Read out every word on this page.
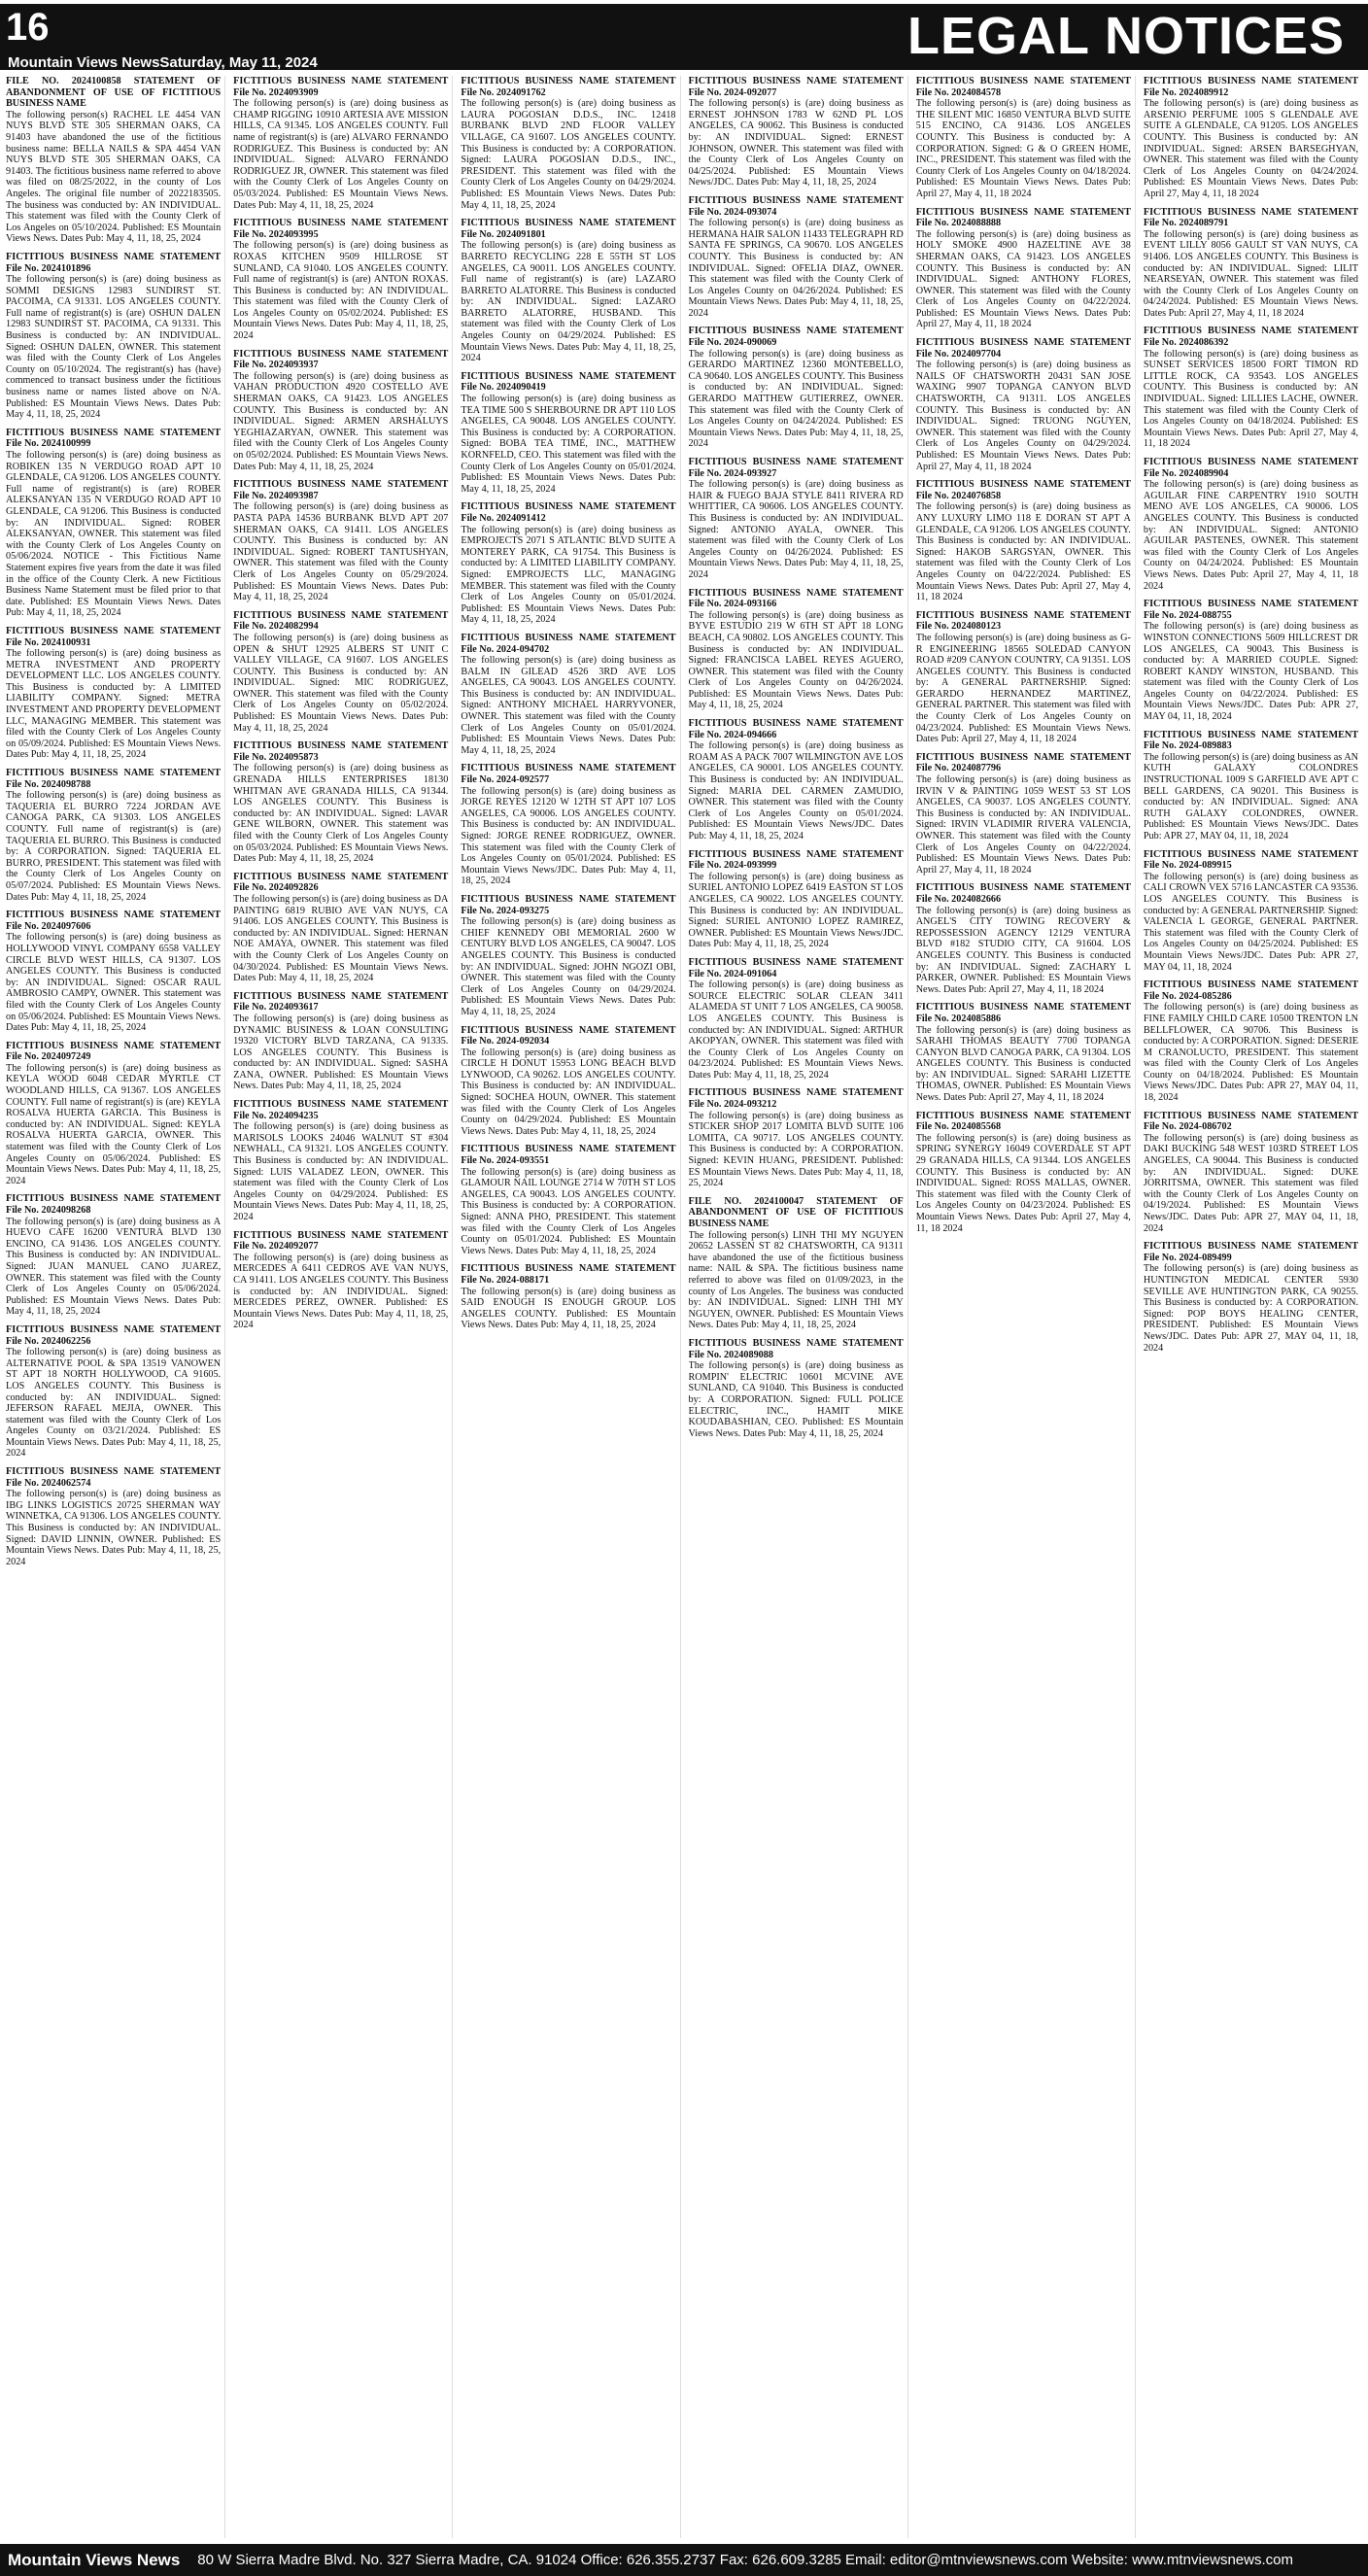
16	LEGAL NOTICES
Mountain Views NewsSaturday, May 11, 2024
FILE NO. 2024100858 STATEMENT OF ABANDONMENT OF USE OF FICTITIOUS BUSINESS NAME
The following person(s) RACHEL LE 4454 VAN NUYS BLVD STE 305 SHERMAN OAKS, CA 91403 have abandoned the use of the fictitious business name: BELLA NAILS & SPA 4454 VAN NUYS BLVD STE 305 SHERMAN OAKS, CA 91403. The fictitious business name referred to above was filed on 08/25/2022, in the county of Los Angeles. The original file number of 2022183505. The business was conducted by: AN INDIVIDUAL. This statement was filed with the County Clerk of Los Angeles on 05/10/2024. Published: ES Mountain Views News. Dates Pub: May 4, 11, 18, 25, 2024
FICTITIOUS BUSINESS NAME STATEMENT File No. 2024101896
The following person(s) is (are) doing business as SOMMI DESIGNS 12983 SUNDIRST ST. PACOIMA, CA 91331. LOS ANGELES COUNTY. Full name of registrant(s) is (are) OSHUN DALEN 12983 SUNDIRST ST. PACOIMA, CA 91331. This Business is conducted by: AN INDIVIDUAL. Signed: OSHUN DALEN, OWNER. This statement was filed with the County Clerk of Los Angeles County on 05/10/2024. The registrant(s) has (have) commenced to transact business under the fictitious business name or names listed above on N/A. Published: ES Mountain Views News. Dates Pub: May 4, 11, 18, 25, 2024
FICTITIOUS BUSINESS NAME STATEMENT File No. 2024100999
The following person(s) is (are) doing business as ROBIKEN 135 N VERDUGO ROAD APT 10 GLENDALE, CA 91206. LOS ANGELES COUNTY. Full name of registrant(s) is (are) ROBER ALEKSANYAN 135 N VERDUGO ROAD APT 10 GLENDALE, CA 91206. This Business is conducted by: AN INDIVIDUAL. Signed: ROBER ALEKSANYAN, OWNER. This statement was filed with the County Clerk of Los Angeles County on 05/06/2024. NOTICE - This Fictitious Name Statement expires five years from the date it was filed in the office of the County Clerk. A new Fictitious Business Name Statement must be filed prior to that date. Published: ES Mountain Views News. Dates Pub: May 4, 11, 18, 25, 2024
FICTITIOUS BUSINESS NAME STATEMENT File No. 2024100931
The following person(s) is (are) doing business as METRA INVESTMENT AND PROPERTY DEVELOPMENT LLC. LOS ANGELES COUNTY. This Business is conducted by: A LIMITED LIABILITY COMPANY. Signed: METRA INVESTMENT AND PROPERTY DEVELOPMENT LLC, MANAGING MEMBER. This statement was filed with the County Clerk of Los Angeles County on 05/09/2024. Published: ES Mountain Views News. Dates Pub: May 4, 11, 18, 25, 2024
FICTITIOUS BUSINESS NAME STATEMENT File No. 2024098788
The following person(s) is (are) doing business as TAQUERIA EL BURRO 7224 JORDAN AVE CANOGA PARK, CA 91303. LOS ANGELES COUNTY. Full name of registrant(s) is (are) TAQUERIA EL BURRO. This Business is conducted by: A CORPORATION. Signed: TAQUERIA EL BURRO, PRESIDENT. This statement was filed with the County Clerk of Los Angeles County on 05/07/2024. Published: ES Mountain Views News. Dates Pub: May 4, 11, 18, 25, 2024
FICTITIOUS BUSINESS NAME STATEMENT File No. 2024097606
The following person(s) is (are) doing business as HOLLYWOOD VINYL COMPANY 6558 VALLEY CIRCLE BLVD WEST HILLS, CA 91307. LOS ANGELES COUNTY. This Business is conducted by: AN INDIVIDUAL. Signed: OSCAR RAUL AMBROSIO CAMPY, OWNER. This statement was filed with the County Clerk of Los Angeles County on 05/06/2024. Published: ES Mountain Views News. Dates Pub: May 4, 11, 18, 25, 2024
FICTITIOUS BUSINESS NAME STATEMENT File No. 2024097249
The following person(s) is (are) doing business as KEYLA WOOD 6048 CEDAR MYRTLE CT WOODLAND HILLS, CA 91367. LOS ANGELES COUNTY. Full name of registrant(s) is (are) KEYLA ROSALVA HUERTA GARCIA. This Business is conducted by: AN INDIVIDUAL. Signed: KEYLA ROSALVA HUERTA GARCIA, OWNER. This statement was filed with the County Clerk of Los Angeles County on 05/06/2024. Published: ES Mountain Views News. Dates Pub: May 4, 11, 18, 25, 2024
FICTITIOUS BUSINESS NAME STATEMENT File No. 2024098268
The following person(s) is (are) doing business as A HUEVO CAFE 16200 VENTURA BLVD 130 ENCINO, CA 91436. LOS ANGELES COUNTY. This Business is conducted by: AN INDIVIDUAL. Signed: JUAN MANUEL CANO JUAREZ, OWNER. This statement was filed with the County Clerk of Los Angeles County on 05/06/2024. Published: ES Mountain Views News. Dates Pub: May 4, 11, 18, 25, 2024
FICTITIOUS BUSINESS NAME STATEMENT File No. 2024062256
The following person(s) is (are) doing business as ALTERNATIVE POOL & SPA 13519 VANOWEN ST APT 18 NORTH HOLLYWOOD, CA 91605. LOS ANGELES COUNTY. This Business is conducted by: AN INDIVIDUAL. Signed: JEFERSON RAFAEL MEJIA, OWNER. This statement was filed with the County Clerk of Los Angeles County on 03/21/2024. Published: ES Mountain Views News. Dates Pub: May 4, 11, 18, 25, 2024
FICTITIOUS BUSINESS NAME STATEMENT File No. 2024062574
The following person(s) is (are) doing business as IBG LINKS LOGISTICS 20725 SHERMAN WAY WINNETKA, CA 91306. LOS ANGELES COUNTY. This Business is conducted by: AN INDIVIDUAL. Signed: DAVID LINNIN, OWNER. Published: ES Mountain Views News. Dates Pub: May 4, 11, 18, 25, 2024
FICTITIOUS BUSINESS NAME STATEMENT File No. 2024093909
The following person(s) is (are) doing business as CHAMP RIGGING 10910 ARTESIA AVE MISSION HILLS, CA 91345. LOS ANGELES COUNTY. Full name of registrant(s) is (are) ALVARO FERNANDO RODRIGUEZ. This Business is conducted by: AN INDIVIDUAL. Signed: ALVARO FERNANDO RODRIGUEZ JR, OWNER. This statement was filed with the County Clerk of Los Angeles County on 05/03/2024. Published: ES Mountain Views News. Dates Pub: May 4, 11, 18, 25, 2024
FICTITIOUS BUSINESS NAME STATEMENT File No. 2024093995
The following person(s) is (are) doing business as ROXAS KITCHEN 9509 HILLROSE ST SUNLAND, CA 91040. LOS ANGELES COUNTY. Full name of registrant(s) is (are) ANTON ROXAS. This Business is conducted by: AN INDIVIDUAL. This statement was filed with the County Clerk of Los Angeles County on 05/02/2024. Published: ES Mountain Views News. Dates Pub: May 4, 11, 18, 25, 2024
FICTITIOUS BUSINESS NAME STATEMENT File No. 2024093937
The following person(s) is (are) doing business as VAHAN PRODUCTION 4920 COSTELLO AVE SHERMAN OAKS, CA 91423. LOS ANGELES COUNTY. This Business is conducted by: AN INDIVIDUAL. Signed: ARMEN ARSHALUYS YEGHIAZARYAN, OWNER. This statement was filed with the County Clerk of Los Angeles County on 05/02/2024. Published: ES Mountain Views News. Dates Pub: May 4, 11, 18, 25, 2024
FICTITIOUS BUSINESS NAME STATEMENT File No. 2024093987
The following person(s) is (are) doing business as PASTA PAPA 14536 BURBANK BLVD APT 207 SHERMAN OAKS, CA 91411. LOS ANGELES COUNTY. This Business is conducted by: AN INDIVIDUAL. Signed: ROBERT TANTUSHYAN, OWNER. This statement was filed with the County Clerk of Los Angeles County on 05/29/2024. Published: ES Mountain Views News. Dates Pub: May 4, 11, 18, 25, 2024
FICTITIOUS BUSINESS NAME STATEMENT File No. 2024082994
The following person(s) is (are) doing business as OPEN & SHUT 12925 ALBERS ST UNIT C VALLEY VILLAGE, CA 91607. LOS ANGELES COUNTY. This Business is conducted by: AN INDIVIDUAL. Signed: MIC RODRIGUEZ, OWNER. This statement was filed with the County Clerk of Los Angeles County on 05/02/2024. Published: ES Mountain Views News. Dates Pub: May 4, 11, 18, 25, 2024
FICTITIOUS BUSINESS NAME STATEMENT File No. 2024095873
The following person(s) is (are) doing business as GRENADA HILLS ENTERPRISES 18130 WHITMAN AVE GRANADA HILLS, CA 91344. LOS ANGELES COUNTY. This Business is conducted by: AN INDIVIDUAL. Signed: LAVAR GENE WILBORN, OWNER. This statement was filed with the County Clerk of Los Angeles County on 05/03/2024. Published: ES Mountain Views News. Dates Pub: May 4, 11, 18, 25, 2024
FICTITIOUS BUSINESS NAME STATEMENT File No. 2024092826
The following person(s) is (are) doing business as DA PAINTING 6819 RUBIO AVE VAN NUYS, CA 91406. LOS ANGELES COUNTY. This Business is conducted by: AN INDIVIDUAL. Signed: HERNAN NOE AMAYA, OWNER. This statement was filed with the County Clerk of Los Angeles County on 04/30/2024. Published: ES Mountain Views News. Dates Pub: May 4, 11, 18, 25, 2024
FICTITIOUS BUSINESS NAME STATEMENT File No. 2024093617
The following person(s) is (are) doing business as DYNAMIC BUSINESS & LOAN CONSULTING 19320 VICTORY BLVD TARZANA, CA 91335. LOS ANGELES COUNTY. This Business is conducted by: AN INDIVIDUAL. Signed: SASHA ZANA, OWNER. Published: ES Mountain Views News. Dates Pub: May 4, 11, 18, 25, 2024
FICTITIOUS BUSINESS NAME STATEMENT File No. 2024094235
The following person(s) is (are) doing business as MARISOLS LOOKS 24046 WALNUT ST #304 NEWHALL, CA 91321. LOS ANGELES COUNTY. This Business is conducted by: AN INDIVIDUAL. Signed: LUIS VALADEZ LEON, OWNER. This statement was filed with the County Clerk of Los Angeles County on 04/29/2024. Published: ES Mountain Views News. Dates Pub: May 4, 11, 18, 25, 2024
FICTITIOUS BUSINESS NAME STATEMENT File No. 2024092077
The following person(s) is (are) doing business as MERCEDES A 6411 CEDROS AVE VAN NUYS, CA 91411. LOS ANGELES COUNTY. This Business is conducted by: AN INDIVIDUAL. Signed: MERCEDES PEREZ, OWNER. Published: ES Mountain Views News. Dates Pub: May 4, 11, 18, 25, 2024
FICTITIOUS BUSINESS NAME STATEMENT File No. 2024091762
The following person(s) is (are) doing business as LAURA POGOSIAN D.D.S., INC. 12418 BURBANK BLVD 2ND FLOOR VALLEY VILLAGE, CA 91607. LOS ANGELES COUNTY. This Business is conducted by: A CORPORATION. Signed: LAURA POGOSIAN D.D.S., INC., PRESIDENT. This statement was filed with the County Clerk of Los Angeles County on 04/29/2024. Published: ES Mountain Views News. Dates Pub: May 4, 11, 18, 25, 2024
FICTITIOUS BUSINESS NAME STATEMENT File No. 2024091801
The following person(s) is (are) doing business as BARRETO RECYCLING 228 E 55TH ST LOS ANGELES, CA 90011. LOS ANGELES COUNTY. Full name of registrant(s) is (are) LAZARO BARRETO ALATORRE. This Business is conducted by: AN INDIVIDUAL. Signed: LAZARO BARRETO ALATORRE, HUSBAND. This statement was filed with the County Clerk of Los Angeles County on 04/29/2024. Published: ES Mountain Views News. Dates Pub: May 4, 11, 18, 25, 2024
FICTITIOUS BUSINESS NAME STATEMENT File No. 2024090419
The following person(s) is (are) doing business as TEA TIME 500 S SHERBOURNE DR APT 110 LOS ANGELES, CA 90048. LOS ANGELES COUNTY. This Business is conducted by: A CORPORATION. Signed: BOBA TEA TIME, INC., MATTHEW KORNFELD, CEO. This statement was filed with the County Clerk of Los Angeles County on 05/01/2024. Published: ES Mountain Views News. Dates Pub: May 4, 11, 18, 25, 2024
FICTITIOUS BUSINESS NAME STATEMENT File No. 2024091412
The following person(s) is (are) doing business as EMPROJECTS 2071 S ATLANTIC BLVD SUITE A MONTEREY PARK, CA 91754. This Business is conducted by: A LIMITED LIABILITY COMPANY. Signed: EMPROJECTS LLC, MANAGING MEMBER. This statement was filed with the County Clerk of Los Angeles County on 05/01/2024. Published: ES Mountain Views News. Dates Pub: May 4, 11, 18, 25, 2024
FICTITIOUS BUSINESS NAME STATEMENT File No. 2024-094702
The following person(s) is (are) doing business as BALM IN GILEAD 4526 3RD AVE LOS ANGELES, CA 90043. LOS ANGELES COUNTY. This Business is conducted by: AN INDIVIDUAL. Signed: ANTHONY MICHAEL HARRYVONER, OWNER. This statement was filed with the County Clerk of Los Angeles County on 05/01/2024. Published: ES Mountain Views News. Dates Pub: May 4, 11, 18, 25, 2024
FICTITIOUS BUSINESS NAME STATEMENT File No. 2024-092577
The following person(s) is (are) doing business as JORGE REYES 12120 W 12TH ST APT 107 LOS ANGELES, CA 90006. LOS ANGELES COUNTY. This Business is conducted by: AN INDIVIDUAL. Signed: JORGE RENEE RODRIGUEZ, OWNER. This statement was filed with the County Clerk of Los Angeles County on 05/01/2024. Published: ES Mountain Views News/JDC. Dates Pub: May 4, 11, 18, 25, 2024
FICTITIOUS BUSINESS NAME STATEMENT File No. 2024-093275
The following person(s) is (are) doing business as CHIEF KENNEDY OBI MEMORIAL 2600 W CENTURY BLVD LOS ANGELES, CA 90047. LOS ANGELES COUNTY. This Business is conducted by: AN INDIVIDUAL. Signed: JOHN NGOZI OBI, OWNER. This statement was filed with the County Clerk of Los Angeles County on 04/29/2024. Published: ES Mountain Views News. Dates Pub: May 4, 11, 18, 25, 2024
FICTITIOUS BUSINESS NAME STATEMENT File No. 2024-092034
The following person(s) is (are) doing business as CIRCLE H DONUT 15953 LONG BEACH BLVD LYNWOOD, CA 90262. LOS ANGELES COUNTY. This Business is conducted by: AN INDIVIDUAL. Signed: SOCHEA HOUN, OWNER. This statement was filed with the County Clerk of Los Angeles County on 04/29/2024. Published: ES Mountain Views News. Dates Pub: May 4, 11, 18, 25, 2024
FICTITIOUS BUSINESS NAME STATEMENT File No. 2024-093551
The following person(s) is (are) doing business as GLAMOUR NAIL LOUNGE 2714 W 70TH ST LOS ANGELES, CA 90043. LOS ANGELES COUNTY. This Business is conducted by: A CORPORATION. Signed: ANNA PHO, PRESIDENT. This statement was filed with the County Clerk of Los Angeles County on 05/01/2024. Published: ES Mountain Views News. Dates Pub: May 4, 11, 18, 25, 2024
FICTITIOUS BUSINESS NAME STATEMENT File No. 2024-088171
The following person(s) is (are) doing business as SAID ENOUGH IS ENOUGH GROUP. LOS ANGELES COUNTY. Published: ES Mountain Views News. Dates Pub: May 4, 11, 18, 25, 2024
FICTITIOUS BUSINESS NAME STATEMENT File No. 2024-092077
The following person(s) is (are) doing business as ERNEST JOHNSON 1783 W 62ND PL LOS ANGELES, CA 90062. This Business is conducted by: AN INDIVIDUAL. Signed: ERNEST JOHNSON, OWNER. This statement was filed with the County Clerk of Los Angeles County on 04/25/2024. Published: ES Mountain Views News/JDC. Dates Pub: May 4, 11, 18, 25, 2024
FICTITIOUS BUSINESS NAME STATEMENT File No. 2024-093074
The following person(s) is (are) doing business as HERMANA HAIR SALON 11433 TELEGRAPH RD SANTA FE SPRINGS, CA 90670. LOS ANGELES COUNTY. This Business is conducted by: AN INDIVIDUAL. Signed: OFELIA DIAZ, OWNER. This statement was filed with the County Clerk of Los Angeles County on 04/26/2024. Published: ES Mountain Views News. Dates Pub: May 4, 11, 18, 25, 2024
FICTITIOUS BUSINESS NAME STATEMENT File No. 2024-090069
The following person(s) is (are) doing business as GERARDO MARTINEZ 12360 MONTEBELLO, CA 90640. LOS ANGELES COUNTY. This Business is conducted by: AN INDIVIDUAL. Signed: GERARDO MATTHEW GUTIERREZ, OWNER. This statement was filed with the County Clerk of Los Angeles County on 04/24/2024. Published: ES Mountain Views News. Dates Pub: May 4, 11, 18, 25, 2024
FICTITIOUS BUSINESS NAME STATEMENT File No. 2024-093927
The following person(s) is (are) doing business as HAIR & FUEGO BAJA STYLE 8411 RIVERA RD WHITTIER, CA 90606. LOS ANGELES COUNTY. This Business is conducted by: AN INDIVIDUAL. Signed: ANTONIO AYALA, OWNER. This statement was filed with the County Clerk of Los Angeles County on 04/26/2024. Published: ES Mountain Views News. Dates Pub: May 4, 11, 18, 25, 2024
FICTITIOUS BUSINESS NAME STATEMENT File No. 2024-093166
The following person(s) is (are) doing business as BYVE ESTUDIO 219 W 6TH ST APT 18 LONG BEACH, CA 90802. LOS ANGELES COUNTY. This Business is conducted by: AN INDIVIDUAL. Signed: FRANCISCA LABEL REYES AGUERO, OWNER. This statement was filed with the County Clerk of Los Angeles County on 04/26/2024. Published: ES Mountain Views News. Dates Pub: May 4, 11, 18, 25, 2024
FICTITIOUS BUSINESS NAME STATEMENT File No. 2024-094666
The following person(s) is (are) doing business as ROAM AS A PACK 7007 WILMINGTON AVE LOS ANGELES, CA 90001. LOS ANGELES COUNTY. This Business is conducted by: AN INDIVIDUAL. Signed: MARIA DEL CARMEN ZAMUDIO, OWNER. This statement was filed with the County Clerk of Los Angeles County on 05/01/2024. Published: ES Mountain Views News/JDC. Dates Pub: May 4, 11, 18, 25, 2024
FICTITIOUS BUSINESS NAME STATEMENT File No. 2024-093999
The following person(s) is (are) doing business as SURIEL ANTONIO LOPEZ 6419 EASTON ST LOS ANGELES, CA 90022. LOS ANGELES COUNTY. This Business is conducted by: AN INDIVIDUAL. Signed: SURIEL ANTONIO LOPEZ RAMIREZ, OWNER. Published: ES Mountain Views News/JDC. Dates Pub: May 4, 11, 18, 25, 2024
FICTITIOUS BUSINESS NAME STATEMENT File No. 2024-091064
The following person(s) is (are) doing business as SOURCE ELECTRIC SOLAR CLEAN 3411 ALAMEDA ST UNIT 7 LOS ANGELES, CA 90058. LOS ANGELES COUNTY. This Business is conducted by: AN INDIVIDUAL. Signed: ARTHUR AKOPYAN, OWNER. This statement was filed with the County Clerk of Los Angeles County on 04/23/2024. Published: ES Mountain Views News. Dates Pub: May 4, 11, 18, 25, 2024
FICTITIOUS BUSINESS NAME STATEMENT File No. 2024-093212
The following person(s) is (are) doing business as STICKER SHOP 2017 LOMITA BLVD SUITE 106 LOMITA, CA 90717. LOS ANGELES COUNTY. This Business is conducted by: A CORPORATION. Signed: KEVIN HUANG, PRESIDENT. Published: ES Mountain Views News. Dates Pub: May 4, 11, 18, 25, 2024
FILE NO. 2024100047 STATEMENT OF ABANDONMENT OF USE OF FICTITIOUS BUSINESS NAME
The following person(s) LINH THI MY NGUYEN 20652 LASSEN ST 82 CHATSWORTH, CA 91311 have abandoned the use of the fictitious business name: NAIL & SPA. The fictitious business name referred to above was filed on 01/09/2023, in the county of Los Angeles. The business was conducted by: AN INDIVIDUAL. Signed: LINH THI MY NGUYEN, OWNER. Published: ES Mountain Views News. Dates Pub: May 4, 11, 18, 25, 2024
FICTITIOUS BUSINESS NAME STATEMENT File No. 2024089088
The following person(s) is (are) doing business as ROMPIN' ELECTRIC 10601 MCVINE AVE SUNLAND, CA 91040. This Business is conducted by: A CORPORATION. Signed: FULL POLICE ELECTRIC, INC., HAMIT MIKE KOUDABASHIAN, CEO. Published: ES Mountain Views News. Dates Pub: May 4, 11, 18, 25, 2024
FICTITIOUS BUSINESS NAME STATEMENT File No. 2024084578
The following person(s) is (are) doing business as THE SILENT MIC 16850 VENTURA BLVD SUITE 515 ENCINO, CA 91436. LOS ANGELES COUNTY. This Business is conducted by: A CORPORATION. Signed: G & O GREEN HOME, INC., PRESIDENT. This statement was filed with the County Clerk of Los Angeles County on 04/18/2024. Published: ES Mountain Views News. Dates Pub: April 27, May 4, 11, 18 2024
FICTITIOUS BUSINESS NAME STATEMENT File No. 2024088888
The following person(s) is (are) doing business as HOLY SMOKE 4900 HAZELTINE AVE 38 SHERMAN OAKS, CA 91423. LOS ANGELES COUNTY. This Business is conducted by: AN INDIVIDUAL. Signed: ANTHONY FLORES, OWNER. This statement was filed with the County Clerk of Los Angeles County on 04/22/2024. Published: ES Mountain Views News. Dates Pub: April 27, May 4, 11, 18 2024
FICTITIOUS BUSINESS NAME STATEMENT File No. 2024097704
The following person(s) is (are) doing business as NAILS OF CHATSWORTH 20431 SAN JOSE WAXING 9907 TOPANGA CANYON BLVD CHATSWORTH, CA 91311. LOS ANGELES COUNTY. This Business is conducted by: AN INDIVIDUAL. Signed: TRUONG NGUYEN, OWNER. This statement was filed with the County Clerk of Los Angeles County on 04/29/2024. Published: ES Mountain Views News. Dates Pub: April 27, May 4, 11, 18 2024
FICTITIOUS BUSINESS NAME STATEMENT File No. 2024076858
The following person(s) is (are) doing business as ANY LUXURY LIMO 118 E DORAN ST APT A GLENDALE, CA 91206. LOS ANGELES COUNTY. This Business is conducted by: AN INDIVIDUAL. Signed: HAKOB SARGSYAN, OWNER. This statement was filed with the County Clerk of Los Angeles County on 04/22/2024. Published: ES Mountain Views News. Dates Pub: April 27, May 4, 11, 18 2024
FICTITIOUS BUSINESS NAME STATEMENT File No. 2024080123
The following person(s) is (are) doing business as G-R ENGINEERING 18565 SOLEDAD CANYON ROAD #209 CANYON COUNTRY, CA 91351. LOS ANGELES COUNTY. This Business is conducted by: A GENERAL PARTNERSHIP. Signed: GERARDO HERNANDEZ MARTINEZ, GENERAL PARTNER. This statement was filed with the County Clerk of Los Angeles County on 04/23/2024. Published: ES Mountain Views News. Dates Pub: April 27, May 4, 11, 18 2024
FICTITIOUS BUSINESS NAME STATEMENT File No. 2024087796
The following person(s) is (are) doing business as IRVIN V & PAINTING 1059 WEST 53 ST LOS ANGELES, CA 90037. LOS ANGELES COUNTY. This Business is conducted by: AN INDIVIDUAL. Signed: IRVIN VLADIMIR RIVERA VALENCIA, OWNER. This statement was filed with the County Clerk of Los Angeles County on 04/22/2024. Published: ES Mountain Views News. Dates Pub: April 27, May 4, 11, 18 2024
FICTITIOUS BUSINESS NAME STATEMENT File No. 2024082666
The following person(s) is (are) doing business as ANGEL'S CITY TOWING RECOVERY & REPOSSESSION AGENCY 12129 VENTURA BLVD #182 STUDIO CITY, CA 91604. LOS ANGELES COUNTY. This Business is conducted by: AN INDIVIDUAL. Signed: ZACHARY L PARKER, OWNER. Published: ES Mountain Views News. Dates Pub: April 27, May 4, 11, 18 2024
FICTITIOUS BUSINESS NAME STATEMENT File No. 2024085886
The following person(s) is (are) doing business as SARAHI THOMAS BEAUTY 7700 TOPANGA CANYON BLVD CANOGA PARK, CA 91304. LOS ANGELES COUNTY. This Business is conducted by: AN INDIVIDUAL. Signed: SARAHI LIZETTE THOMAS, OWNER. Published: ES Mountain Views News. Dates Pub: April 27, May 4, 11, 18 2024
FICTITIOUS BUSINESS NAME STATEMENT File No. 2024085568
The following person(s) is (are) doing business as SPRING SYNERGY 16049 COVERDALE ST APT 29 GRANADA HILLS, CA 91344. LOS ANGELES COUNTY. This Business is conducted by: AN INDIVIDUAL. Signed: ROSS MALLAS, OWNER. This statement was filed with the County Clerk of Los Angeles County on 04/23/2024. Published: ES Mountain Views News. Dates Pub: April 27, May 4, 11, 18 2024
FICTITIOUS BUSINESS NAME STATEMENT File No. 2024089912
The following person(s) is (are) doing business as ARSENIO PERFUME 1005 S GLENDALE AVE SUITE A GLENDALE, CA 91205. LOS ANGELES COUNTY. This Business is conducted by: AN INDIVIDUAL. Signed: ARSEN BARSEGHYAN, OWNER. This statement was filed with the County Clerk of Los Angeles County on 04/24/2024. Published: ES Mountain Views News. Dates Pub: April 27, May 4, 11, 18 2024
FICTITIOUS BUSINESS NAME STATEMENT File No. 2024089791
The following person(s) is (are) doing business as EVENT LILLY 8056 GAULT ST VAN NUYS, CA 91406. LOS ANGELES COUNTY. This Business is conducted by: AN INDIVIDUAL. Signed: LILIT NEARSEYAN, OWNER. This statement was filed with the County Clerk of Los Angeles County on 04/24/2024. Published: ES Mountain Views News. Dates Pub: April 27, May 4, 11, 18 2024
FICTITIOUS BUSINESS NAME STATEMENT File No. 2024086392
The following person(s) is (are) doing business as SUNSET SERVICES 18500 FORT TIMON RD LITTLE ROCK, CA 93543. LOS ANGELES COUNTY. This Business is conducted by: AN INDIVIDUAL. Signed: LILLIES LACHE, OWNER. This statement was filed with the County Clerk of Los Angeles County on 04/18/2024. Published: ES Mountain Views News. Dates Pub: April 27, May 4, 11, 18 2024
FICTITIOUS BUSINESS NAME STATEMENT File No. 2024089904
The following person(s) is (are) doing business as AGUILAR FINE CARPENTRY 1910 SOUTH MENO AVE LOS ANGELES, CA 90006. LOS ANGELES COUNTY. This Business is conducted by: AN INDIVIDUAL. Signed: ANTONIO AGUILAR PASTENES, OWNER. This statement was filed with the County Clerk of Los Angeles County on 04/24/2024. Published: ES Mountain Views News. Dates Pub: April 27, May 4, 11, 18 2024
FICTITIOUS BUSINESS NAME STATEMENT File No. 2024-088755
The following person(s) is (are) doing business as WINSTON CONNECTIONS 5609 HILLCREST DR LOS ANGELES, CA 90043. This Business is conducted by: A MARRIED COUPLE. Signed: ROBERT KANDY WINSTON, HUSBAND. This statement was filed with the County Clerk of Los Angeles County on 04/22/2024. Published: ES Mountain Views News/JDC. Dates Pub: APR 27, MAY 04, 11, 18, 2024
FICTITIOUS BUSINESS NAME STATEMENT File No. 2024-089883
The following person(s) is (are) doing business as AN KUTH GALAXY COLONDRES INSTRUCTIONAL 1009 S GARFIELD AVE APT C BELL GARDENS, CA 90201. This Business is conducted by: AN INDIVIDUAL. Signed: ANA RUTH GALAXY COLONDRES, OWNER. Published: ES Mountain Views News/JDC. Dates Pub: APR 27, MAY 04, 11, 18, 2024
FICTITIOUS BUSINESS NAME STATEMENT File No. 2024-089915
The following person(s) is (are) doing business as CALI CROWN VEX 5716 LANCASTER CA 93536. LOS ANGELES COUNTY. This Business is conducted by: A GENERAL PARTNERSHIP. Signed: VALENCIA L GEORGE, GENERAL PARTNER. This statement was filed with the County Clerk of Los Angeles County on 04/25/2024. Published: ES Mountain Views News/JDC. Dates Pub: APR 27, MAY 04, 11, 18, 2024
FICTITIOUS BUSINESS NAME STATEMENT File No. 2024-085286
The following person(s) is (are) doing business as FINE FAMILY CHILD CARE 10500 TRENTON LN BELLFLOWER, CA 90706. This Business is conducted by: A CORPORATION. Signed: DESERIE M CRANOLUCTO, PRESIDENT. This statement was filed with the County Clerk of Los Angeles County on 04/18/2024. Published: ES Mountain Views News/JDC. Dates Pub: APR 27, MAY 04, 11, 18, 2024
FICTITIOUS BUSINESS NAME STATEMENT File No. 2024-086702
The following person(s) is (are) doing business as DAKI BUCKING 548 WEST 103RD STREET LOS ANGELES, CA 90044. This Business is conducted by: AN INDIVIDUAL. Signed: DUKE JORRITSMA, OWNER. This statement was filed with the County Clerk of Los Angeles County on 04/19/2024. Published: ES Mountain Views News/JDC. Dates Pub: APR 27, MAY 04, 11, 18, 2024
FICTITIOUS BUSINESS NAME STATEMENT File No. 2024-089499
The following person(s) is (are) doing business as HUNTINGTON MEDICAL CENTER 5930 SEVILLE AVE HUNTINGTON PARK, CA 90255. This Business is conducted by: A CORPORATION. Signed: POP BOYS HEALING CENTER, PRESIDENT. Published: ES Mountain Views News/JDC. Dates Pub: APR 27, MAY 04, 11, 18, 2024
Mountain Views News	80 W Sierra Madre Blvd. No. 327 Sierra Madre, CA. 91024 Office: 626.355.2737 Fax: 626.609.3285 Email: editor@mtnviewsnews.com Website: www.mtnviewsnews.com
